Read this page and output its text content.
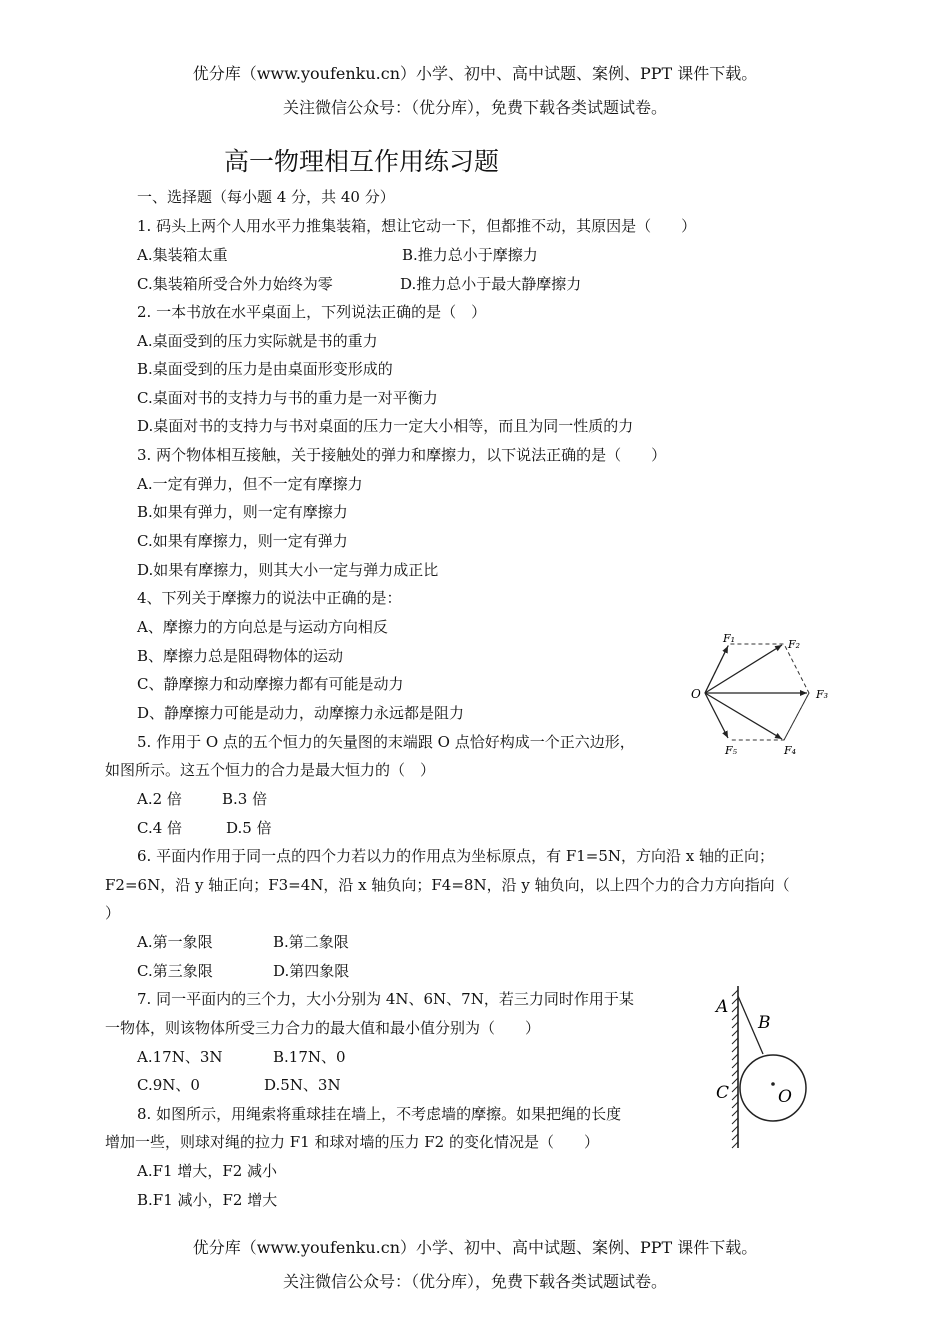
优分库（www.youfenku.cn）小学、初中、高中试题、案例、PPT 课件下载。
关注微信公众号：（优分库），免费下载各类试题试卷。
高一物理相互作用练习题
一、选择题（每小题 4 分，共 40 分）
1. 码头上两个人用水平力推集装箱，想让它动一下，但都推不动，其原因是（　　）
A.集装箱太重	B.推力总小于摩擦力
C.集装箱所受合外力始终为零	D.推力总小于最大静摩擦力
2. 一本书放在水平桌面上，下列说法正确的是（　）
A.桌面受到的压力实际就是书的重力
B.桌面受到的压力是由桌面形变形成的
C.桌面对书的支持力与书的重力是一对平衡力
D.桌面对书的支持力与书对桌面的压力一定大小相等，而且为同一性质的力
3. 两个物体相互接触，关于接触处的弹力和摩擦力，以下说法正确的是（　　）
A.一定有弹力，但不一定有摩擦力
B.如果有弹力，则一定有摩擦力
C.如果有摩擦力，则一定有弹力
D.如果有摩擦力，则其大小一定与弹力成正比
4、下列关于摩擦力的说法中正确的是：
A、摩擦力的方向总是与运动方向相反
B、摩擦力总是阻碍物体的运动
C、静摩擦力和动摩擦力都有可能是动力
D、静摩擦力可能是动力，动摩擦力永远都是阻力
O
F₁	F₂
F₃
F₄
F₅
5. 作用于 O 点的五个恒力的矢量图的末端跟 O 点恰好构成一个正六边形，
如图所示。这五个恒力的合力是最大恒力的（　）
A.2 倍	B.3 倍
C.4 倍	D.5 倍
6. 平面内作用于同一点的四个力若以力的作用点为坐标原点，有 F1=5N，方向沿 x 轴的正向；
F2=6N，沿 y 轴正向；F3=4N，沿 x 轴负向；F4=8N，沿 y 轴负向，以上四个力的合力方向指向（
）
A.第一象限	B.第二象限
C.第三象限	D.第四象限
7. 同一平面内的三个力，大小分别为 4N、6N、7N，若三力同时作用于某
一物体，则该物体所受三力合力的最大值和最小值分别为（　　）
A.17N、3N	B.17N、0
C.9N、0	D.5N、3N
A
B
C	O
8. 如图所示，用绳索将重球挂在墙上，不考虑墙的摩擦。如果把绳的长度
增加一些，则球对绳的拉力 F1 和球对墙的压力 F2 的变化情况是（　　）
A.F1 增大，F2 减小
B.F1 减小，F2 增大
优分库（www.youfenku.cn）小学、初中、高中试题、案例、PPT 课件下载。
关注微信公众号：（优分库），免费下载各类试题试卷。
